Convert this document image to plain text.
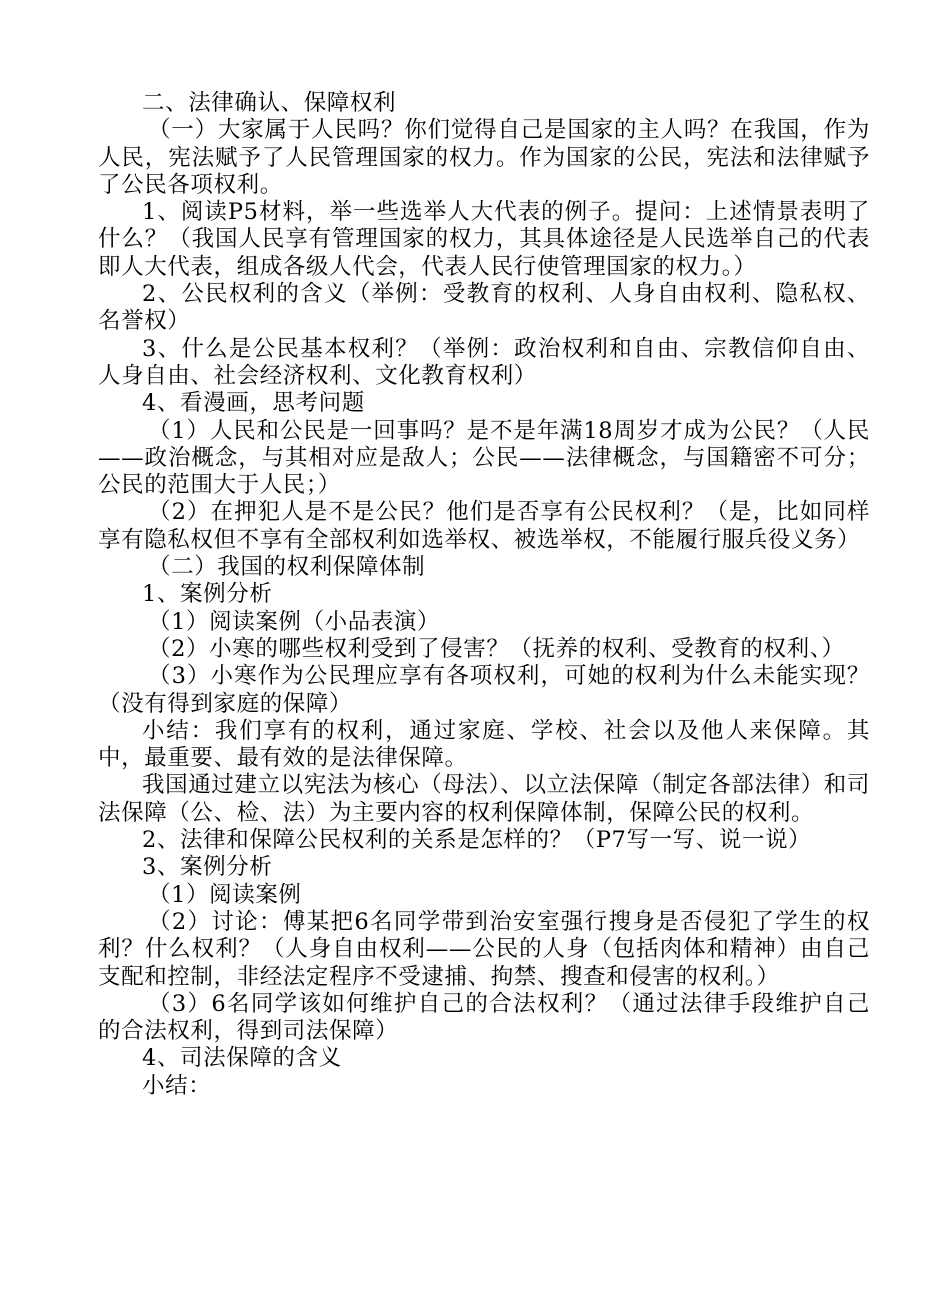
二、法律确认、保障权利

（一）大家属于人民吗？你们觉得自己是国家的主人吗？在我国，作为人民，宪法赋予了人民管理国家的权力。作为国家的公民，宪法和法律赋予了公民各项权利。

1、阅读P5材料，举一些选举人大代表的例子。提问：上述情景表明了什么？（我国人民享有管理国家的权力，其具体途径是人民选举自己的代表即人大代表，组成各级人代会，代表人民行使管理国家的权力。）

2、公民权利的含义（举例：受教育的权利、人身自由权利、隐私权、名誉权）

3、什么是公民基本权利？（举例：政治权利和自由、宗教信仰自由、人身自由、社会经济权利、文化教育权利）

4、看漫画，思考问题

（1）人民和公民是一回事吗？是不是年满18周岁才成为公民？（人民——政治概念，与其相对应是敌人；公民——法律概念，与国籍密不可分；公民的范围大于人民；）

（2）在押犯人是不是公民？他们是否享有公民权利？（是，比如同样享有隐私权但不享有全部权利如选举权、被选举权，不能履行服兵役义务）

（二）我国的权利保障体制

1、案例分析

（1）阅读案例（小品表演）

（2）小寒的哪些权利受到了侵害？（抚养的权利、受教育的权利、）

（3）小寒作为公民理应享有各项权利，可她的权利为什么未能实现？（没有得到家庭的保障）

小结：我们享有的权利，通过家庭、学校、社会以及他人来保障。其中，最重要、最有效的是法律保障。

我国通过建立以宪法为核心（母法）、以立法保障（制定各部法律）和司法保障（公、检、法）为主要内容的权利保障体制，保障公民的权利。

2、法律和保障公民权利的关系是怎样的？（P7写一写、说一说）

3、案例分析

（1）阅读案例

（2）讨论：傅某把6名同学带到治安室强行搜身是否侵犯了学生的权利？什么权利？（人身自由权利——公民的人身（包括肉体和精神）由自己支配和控制，非经法定程序不受逮捕、拘禁、搜查和侵害的权利。）

（3）6名同学该如何维护自己的合法权利？（通过法律手段维护自己的合法权利，得到司法保障）

4、司法保障的含义

小结：
